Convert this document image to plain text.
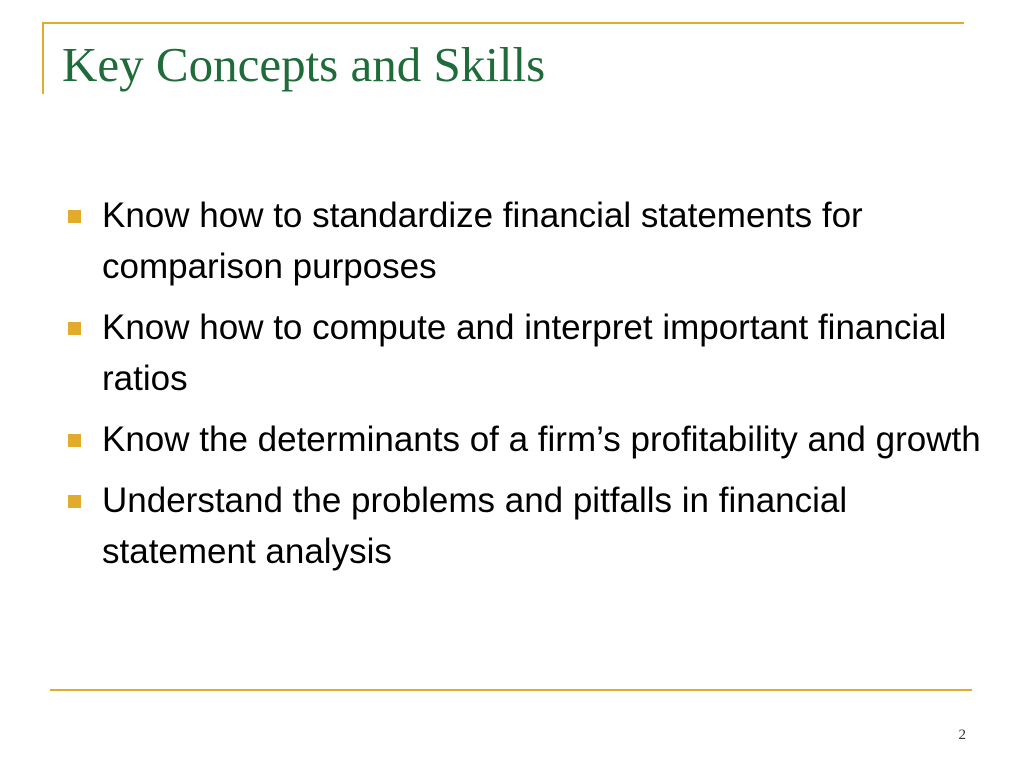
Key Concepts and Skills
Know how to standardize financial statements for comparison purposes
Know how to compute and interpret important financial ratios
Know the determinants of a firm’s profitability and growth
Understand the problems and pitfalls in financial statement analysis
2
